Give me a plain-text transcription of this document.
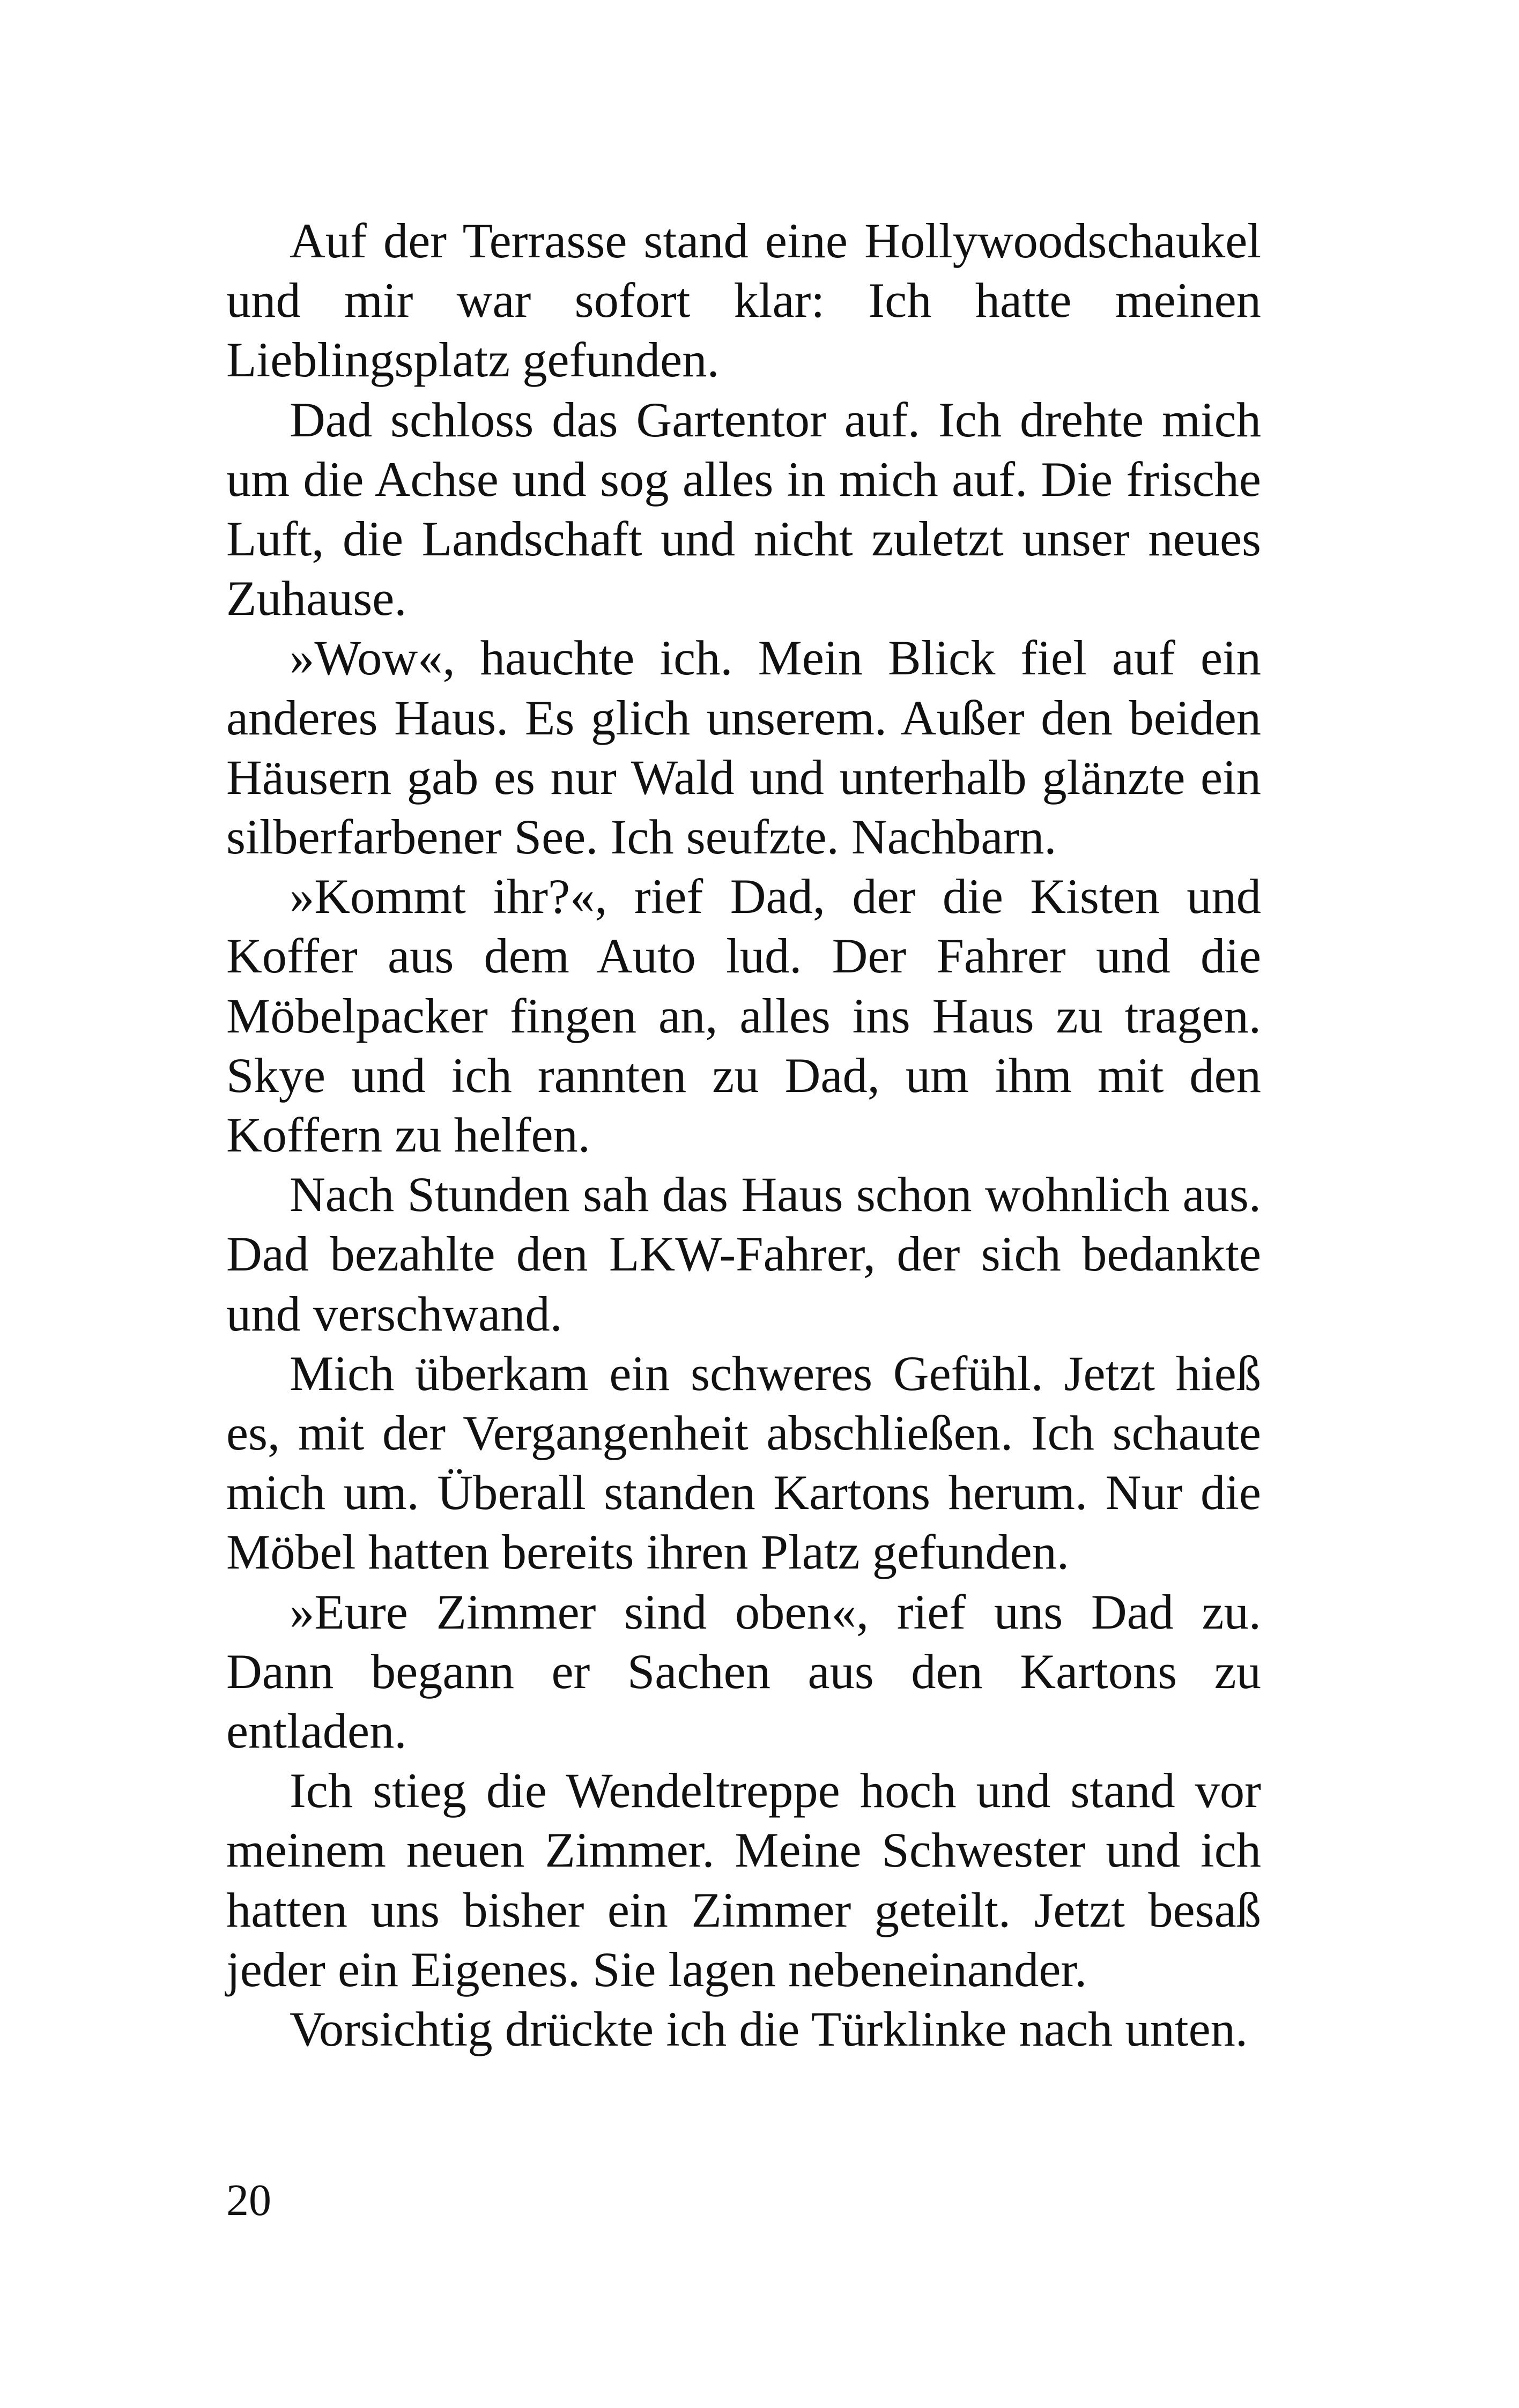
Auf der Terrasse stand eine Hollywoodschaukel und mir war sofort klar: Ich hatte meinen Lieblingsplatz gefunden.

Dad schloss das Gartentor auf. Ich drehte mich um die Achse und sog alles in mich auf. Die frische Luft, die Landschaft und nicht zuletzt unser neues Zuhause.

»Wow«, hauchte ich. Mein Blick fiel auf ein anderes Haus. Es glich unserem. Außer den beiden Häusern gab es nur Wald und unterhalb glänzte ein silberfarbener See. Ich seufzte. Nachbarn.

»Kommt ihr?«, rief Dad, der die Kisten und Koffer aus dem Auto lud. Der Fahrer und die Möbelpacker fingen an, alles ins Haus zu tragen. Skye und ich rannten zu Dad, um ihm mit den Koffern zu helfen.

Nach Stunden sah das Haus schon wohnlich aus. Dad bezahlte den LKW-Fahrer, der sich bedankte und verschwand.

Mich überkam ein schweres Gefühl. Jetzt hieß es, mit der Vergangenheit abschließen. Ich schaute mich um. Überall standen Kartons herum. Nur die Möbel hatten bereits ihren Platz gefunden.

»Eure Zimmer sind oben«, rief uns Dad zu. Dann begann er Sachen aus den Kartons zu entladen.

Ich stieg die Wendeltreppe hoch und stand vor meinem neuen Zimmer. Meine Schwester und ich hatten uns bisher ein Zimmer geteilt. Jetzt besaß jeder ein Eigenes. Sie lagen nebeneinander.

Vorsichtig drückte ich die Türklinke nach unten.

20
